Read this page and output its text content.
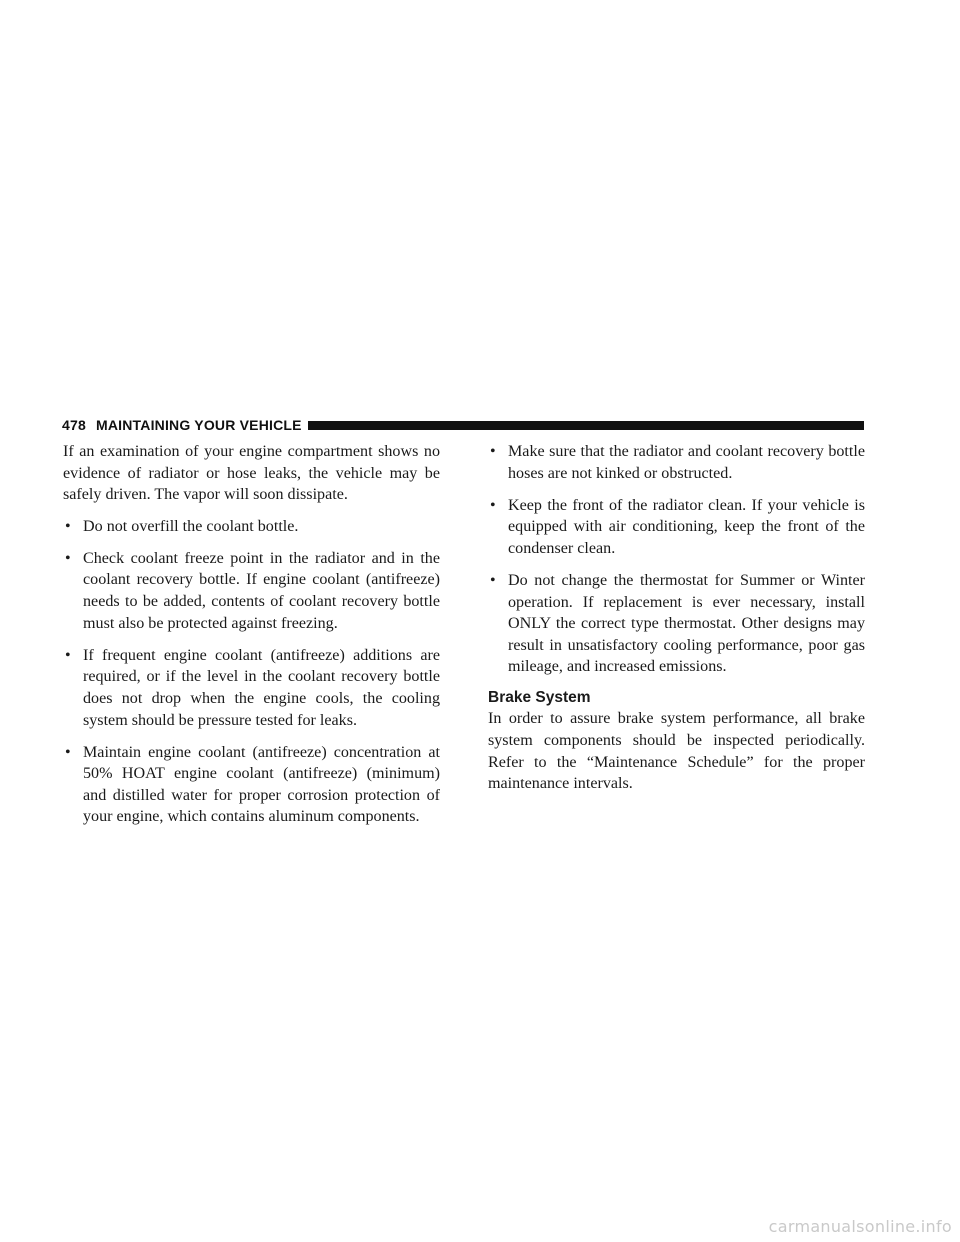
478 MAINTAINING YOUR VEHICLE

If an examination of your engine compartment shows no evidence of radiator or hose leaks, the vehicle may be safely driven. The vapor will soon dissipate.

• Do not overfill the coolant bottle.
• Check coolant freeze point in the radiator and in the coolant recovery bottle. If engine coolant (antifreeze) needs to be added, contents of coolant recovery bottle must also be protected against freezing.
• If frequent engine coolant (antifreeze) additions are required, or if the level in the coolant recovery bottle does not drop when the engine cools, the cooling system should be pressure tested for leaks.
• Maintain engine coolant (antifreeze) concentration at 50% HOAT engine coolant (antifreeze) (minimum) and distilled water for proper corrosion protection of your engine, which contains aluminum components.
• Make sure that the radiator and coolant recovery bottle hoses are not kinked or obstructed.
• Keep the front of the radiator clean. If your vehicle is equipped with air conditioning, keep the front of the condenser clean.
• Do not change the thermostat for Summer or Winter operation. If replacement is ever necessary, install ONLY the correct type thermostat. Other designs may result in unsatisfactory cooling performance, poor gas mileage, and increased emissions.
Brake System

In order to assure brake system performance, all brake system components should be inspected periodically. Refer to the “Maintenance Schedule” for the proper maintenance intervals.

carmanualsonline.info
